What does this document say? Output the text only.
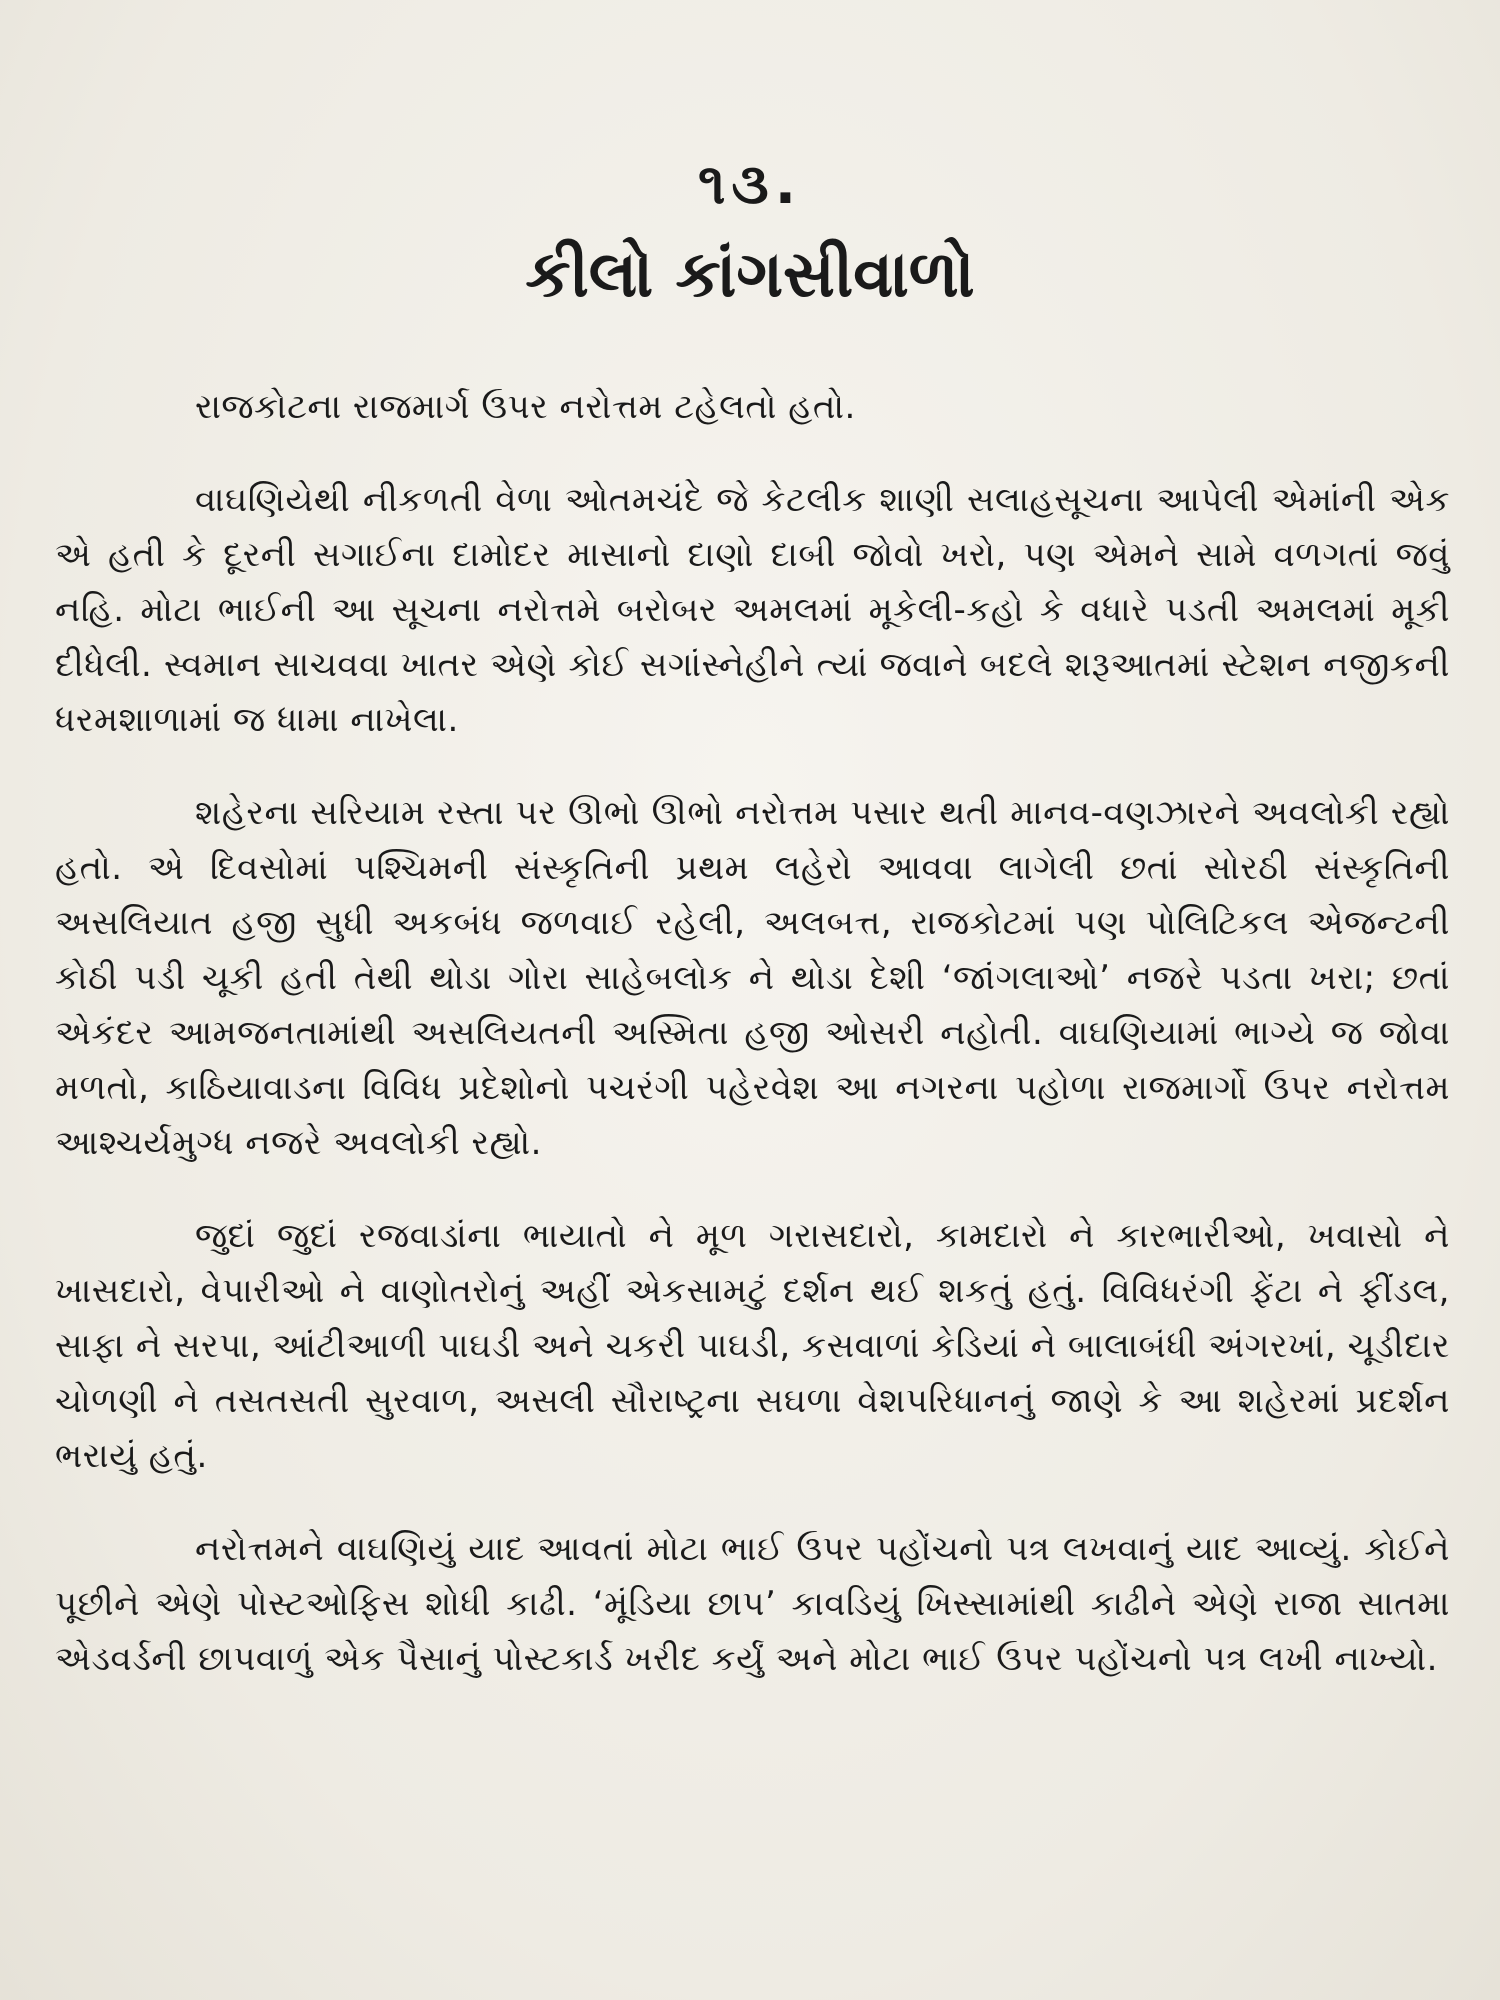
૧૩.
કીલો કાંગસીવાળો

રાજકોટના રાજમાર્ગ ઉપર નરોત્તમ ટહેલતો હતો.

વાઘણિયેથી નીકળતી વેળા ઓતમચંદે જે કેટલીક શાણી સલાહસૂચના આપેલી એમાંની એક એ હતી કે દૂરની સગાઈના દામોદર માસાનો દાણો દાબી જોવો ખરો, પણ એમને સામે વળગતાં જવું નહિ. મોટા ભાઈની આ સૂચના નરોત્તમે બરોબર અમલમાં મૂકેલી-કહો કે વધારે પડતી અમલમાં મૂકી દીધેલી. સ્વમાન સાચવવા ખાતર એણે કોઈ સગાંસ્નેહીને ત્યાં જવાને બદલે શરૂઆતમાં સ્ટેશન નજીકની ધરમશાળામાં જ ધામા નાખેલા.

શહેરના સરિયામ રસ્તા પર ઊભો ઊભો નરોત્તમ પસાર થતી માનવ-વણઝારને અવલોકી રહ્યો હતો. એ દિવસોમાં પશ્ચિમની સંસ્કૃતિની પ્રથમ લહેરો આવવા લાગેલી છતાં સોરઠી સંસ્કૃતિની અસલિયાત હજી સુધી અકબંધ જળવાઈ રહેલી, અલબત્ત, રાજકોટમાં પણ પોલિટિકલ એજન્ટની કોઠી પડી ચૂકી હતી તેથી થોડા ગોરા સાહેબલોક ને થોડા દેશી ‘જાંગલાઓ’ નજરે પડતા ખરા; છતાં એકંદર આમજનતામાંથી અસલિયતની અસ્મિતા હજી ઓસરી નહોતી. વાઘણિયામાં ભાગ્યે જ જોવા મળતો, કાઠિયાવાડના વિવિધ પ્રદેશોનો પચરંગી પહેરવેશ આ નગરના પહોળા રાજમાર્ગો ઉપર નરોત્તમ આશ્ચર્યમુગ્ધ નજરે અવલોકી રહ્યો.

જુદાં જુદાં રજવાડાંના ભાયાતો ને મૂળ ગરાસદારો, કામદારો ને કારભારીઓ, ખવાસો ને ખાસદારો, વેપારીઓ ને વાણોતરોનું અહીં એકસામટું દર્શન થઈ શકતું હતું. વિવિધરંગી ફેંટા ને ફીંડલ, સાફા ને સરપા, આંટીઆળી પાઘડી અને ચકરી પાઘડી, કસવાળાં કેડિયાં ને બાલાબંધી અંગરખાં, ચૂડીદાર ચોળણી ને તસતસતી સુરવાળ, અસલી સૌરાષ્ટ્રના સઘળા વેશપરિધાનનું જાણે કે આ શહેરમાં પ્રદર્શન ભરાયું હતું.

નરોત્તમને વાઘણિયું યાદ આવતાં મોટા ભાઈ ઉપર પહોંચનો પત્ર લખવાનું યાદ આવ્યું. કોઈને પૂછીને એણે પોસ્ટઓફિસ શોધી કાઢી. ‘મૂંડિયા છાપ’ કાવડિયું ખિસ્સામાંથી કાઢીને એણે રાજા સાતમા એડવર્ડની છાપવાળું એક પૈસાનું પોસ્ટકાર્ડ ખરીદ કર્યું અને મોટા ભાઈ ઉપર પહોંચનો પત્ર લખી નાખ્યો.
